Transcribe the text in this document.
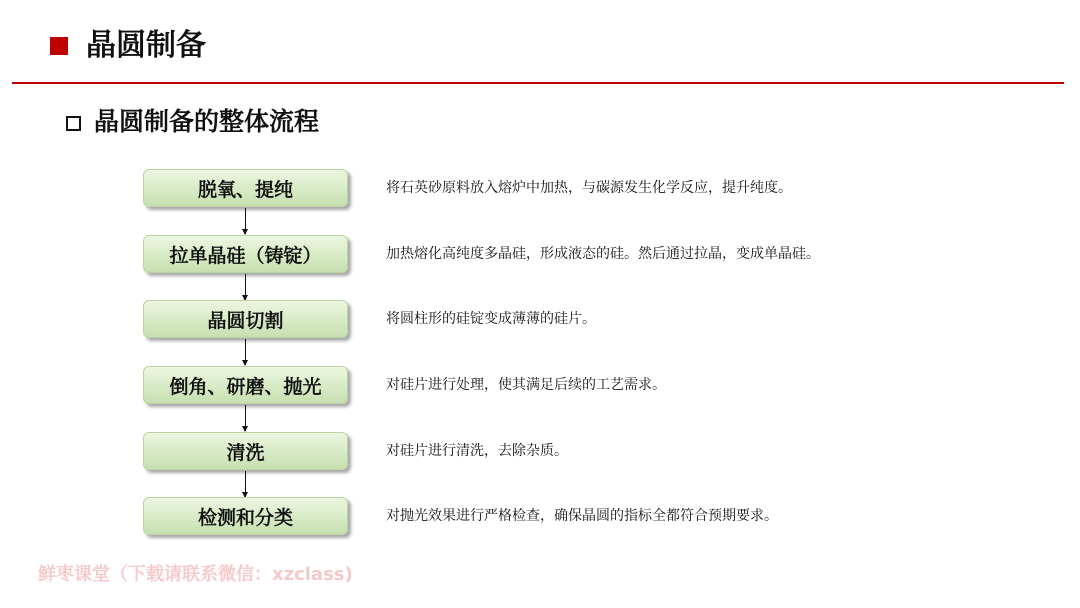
晶圆制备
晶圆制备的整体流程
脱氧、提纯
拉单晶硅（铸锭）
晶圆切割
倒角、研磨、抛光
清洗
检测和分类
将石英砂原料放入熔炉中加热，与碳源发生化学反应，提升纯度。
加热熔化高纯度多晶硅，形成液态的硅。然后通过拉晶，变成单晶硅。
将圆柱形的硅锭变成薄薄的硅片。
对硅片进行处理，使其满足后续的工艺需求。
对硅片进行清洗，去除杂质。
对抛光效果进行严格检查，确保晶圆的指标全都符合预期要求。
鲜枣课堂（下载请联系微信：xzclass)
